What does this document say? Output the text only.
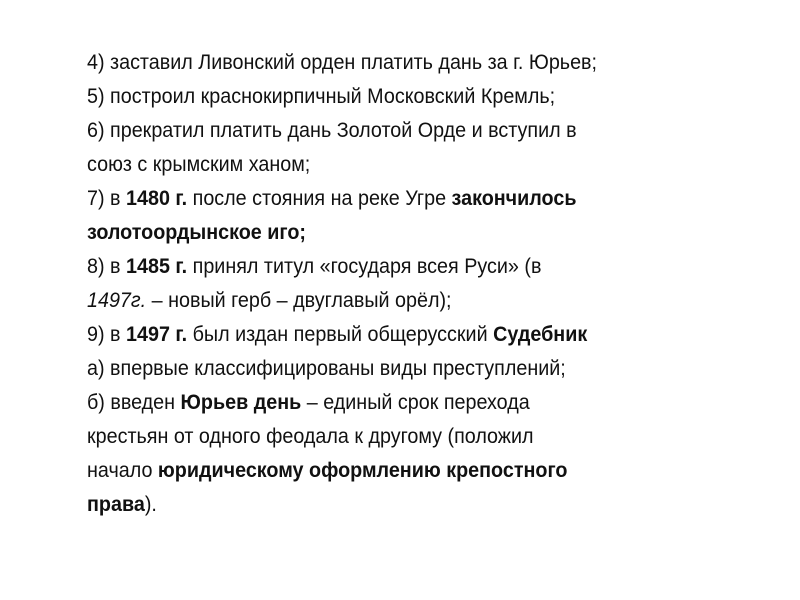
4) заставил Ливонский орден платить дань за г. Юрьев;
5) построил краснокирпичный Московский Кремль;
6) прекратил платить дань Золотой Орде и вступил в
союз с крымским ханом;
7) в 1480 г. после стояния на реке Угре закончилось
золотоордынское иго;
8) в 1485 г. принял титул «государя всея Руси» (в
1497г. – новый герб – двуглавый орёл);
9) в 1497 г. был издан первый общерусский Судебник
а) впервые классифицированы виды преступлений;
б) введен Юрьев день – единый срок перехода
крестьян от одного феодала к другому (положил
начало юридическому оформлению крепостного
права).
